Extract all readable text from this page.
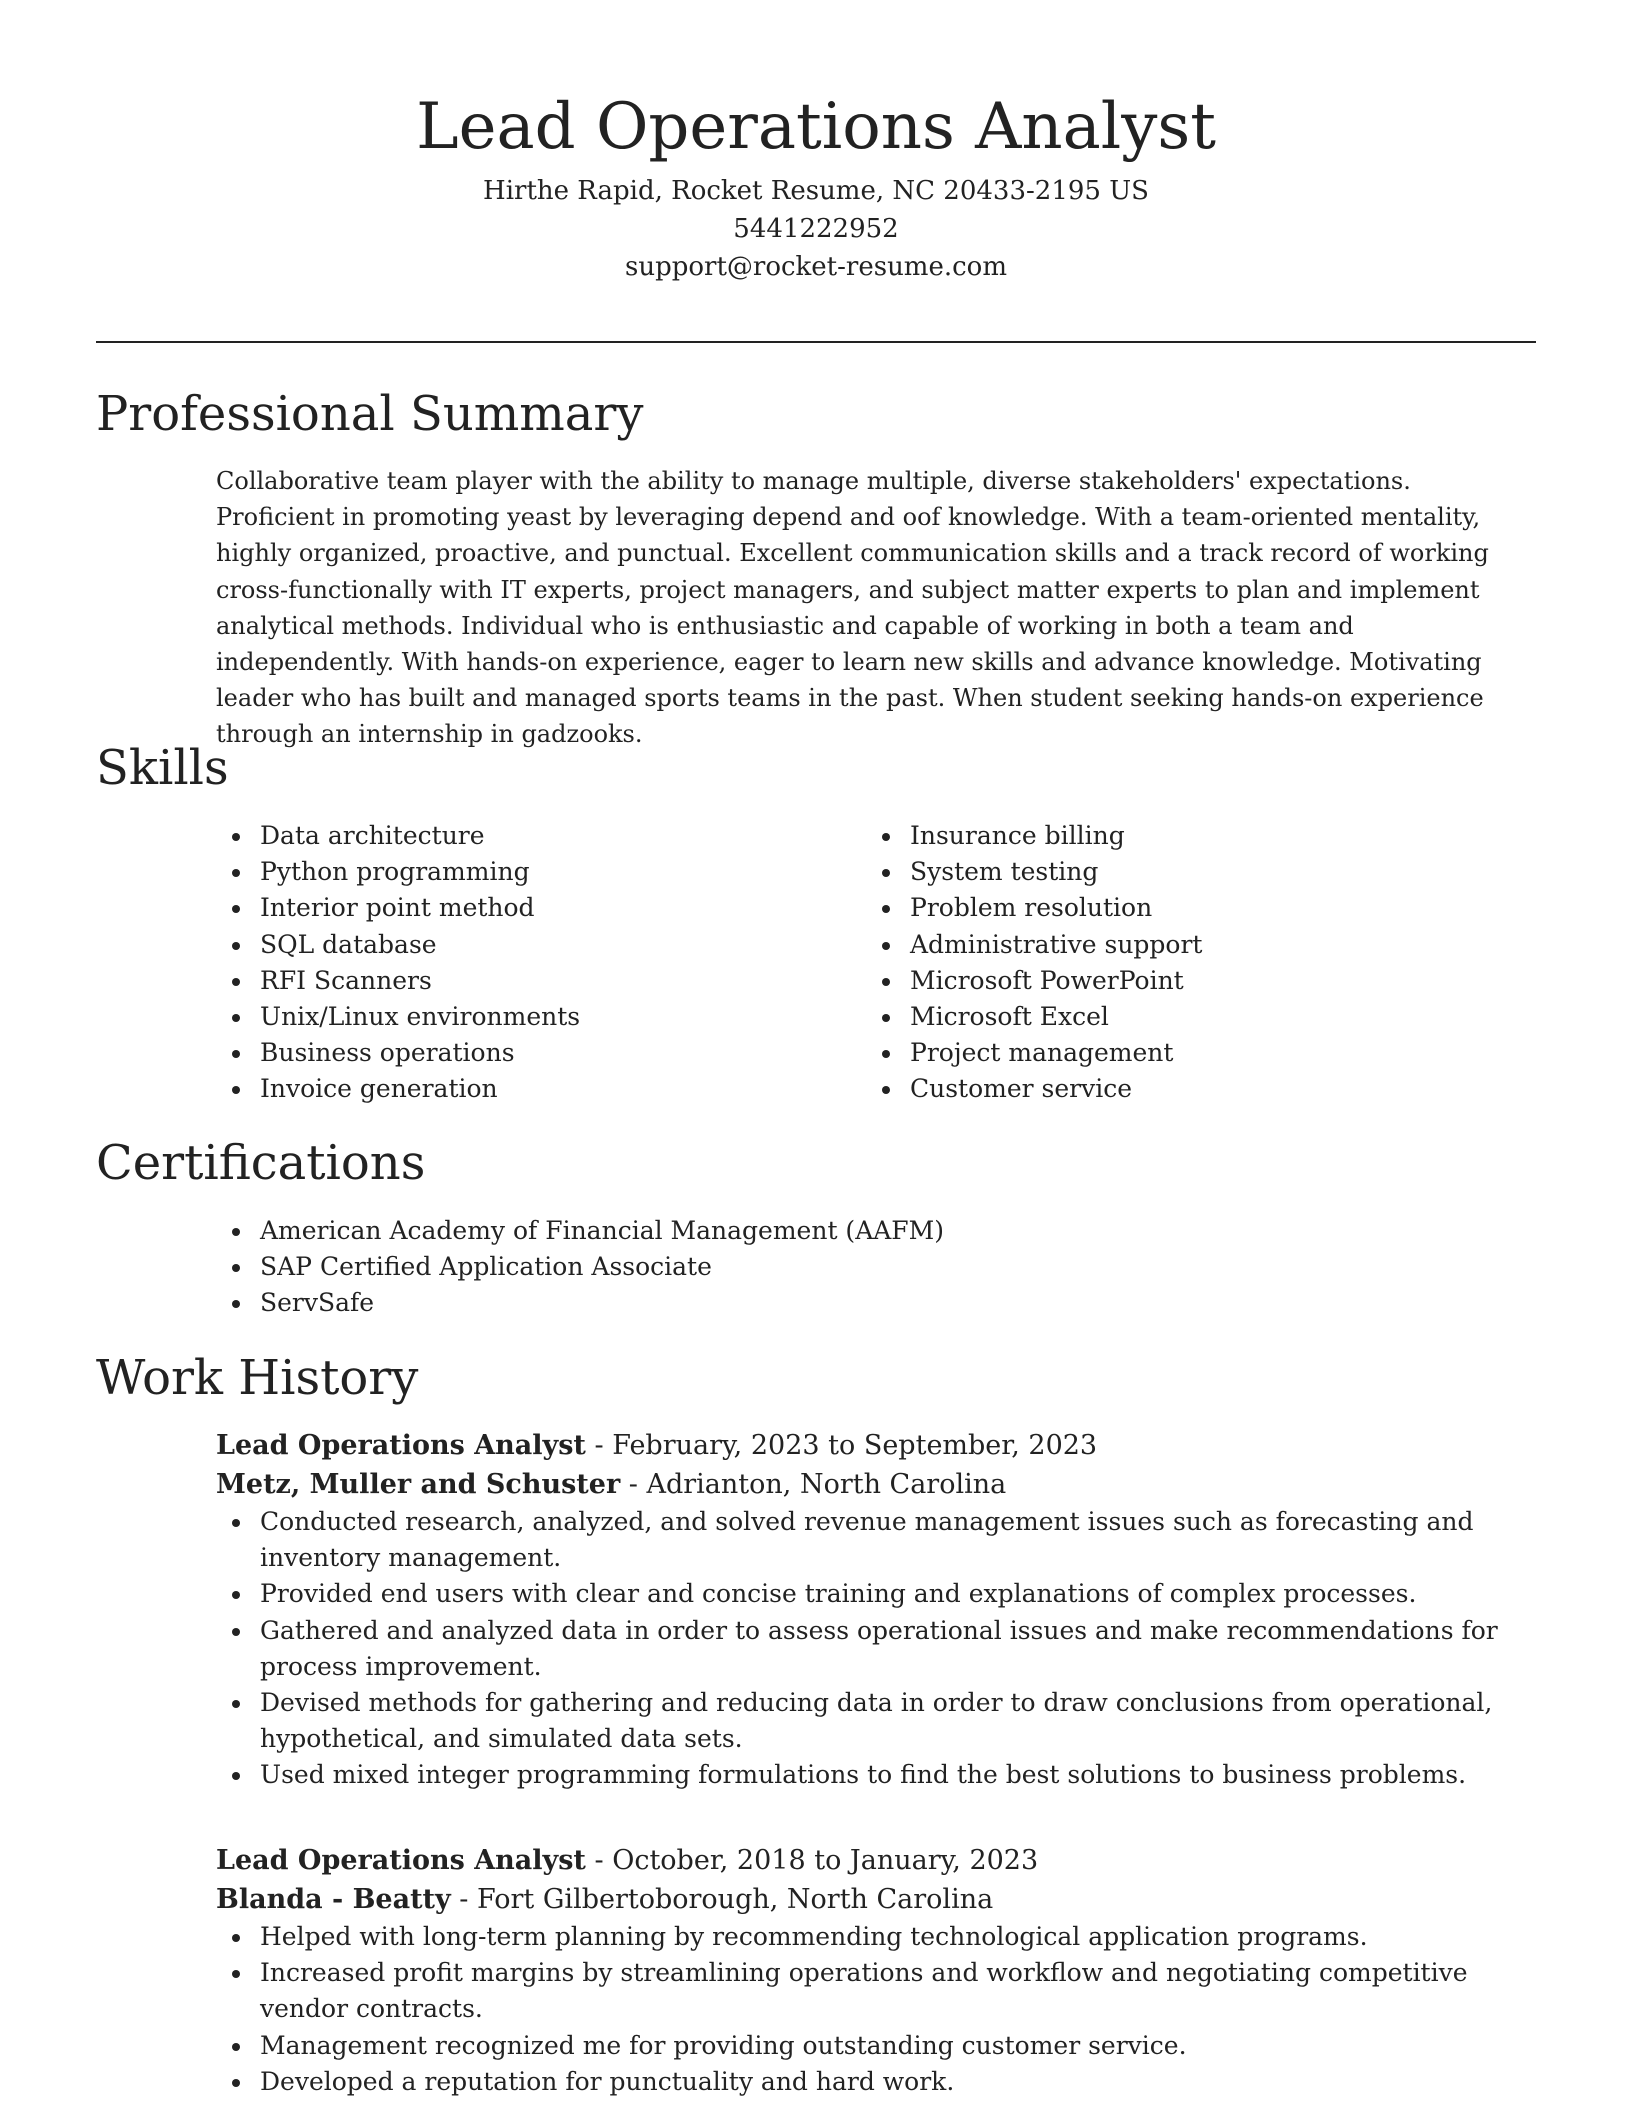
Lead Operations Analyst

Hirthe Rapid, Rocket Resume, NC 20433-2195 US

5441222952

support@rocket-resume.com

Professional Summary

Collaborative team player with the ability to manage multiple, diverse stakeholders' expectations. Proficient in promoting yeast by leveraging depend and oof knowledge. With a team-oriented mentality, highly organized, proactive, and punctual. Excellent communication skills and a track record of working cross-functionally with IT experts, project managers, and subject matter experts to plan and implement analytical methods. Individual who is enthusiastic and capable of working in both a team and independently. With hands-on experience, eager to learn new skills and advance knowledge. Motivating leader who has built and managed sports teams in the past. When student seeking hands-on experience through an internship in gadzooks.

Skills
Data architecture
Python programming
Interior point method
SQL database
RFI Scanners
Unix/Linux environments
Business operations
Invoice generation
Insurance billing
System testing
Problem resolution
Administrative support
Microsoft PowerPoint
Microsoft Excel
Project management
Customer service
Certifications
American Academy of Financial Management (AAFM)
SAP Certified Application Associate
ServSafe
Work History

Lead Operations Analyst - February, 2023 to September, 2023

Metz, Muller and Schuster - Adrianton, North Carolina

Conducted research, analyzed, and solved revenue management issues such as forecasting and inventory management.
Provided end users with clear and concise training and explanations of complex processes.
Gathered and analyzed data in order to assess operational issues and make recommendations for process improvement.
Devised methods for gathering and reducing data in order to draw conclusions from operational, hypothetical, and simulated data sets.
Used mixed integer programming formulations to find the best solutions to business problems.

Lead Operations Analyst - October, 2018 to January, 2023

Blanda - Beatty - Fort Gilbertoborough, North Carolina

Helped with long-term planning by recommending technological application programs.
Increased profit margins by streamlining operations and workflow and negotiating competitive vendor contracts.
Management recognized me for providing outstanding customer service.
Developed a reputation for punctuality and hard work.
